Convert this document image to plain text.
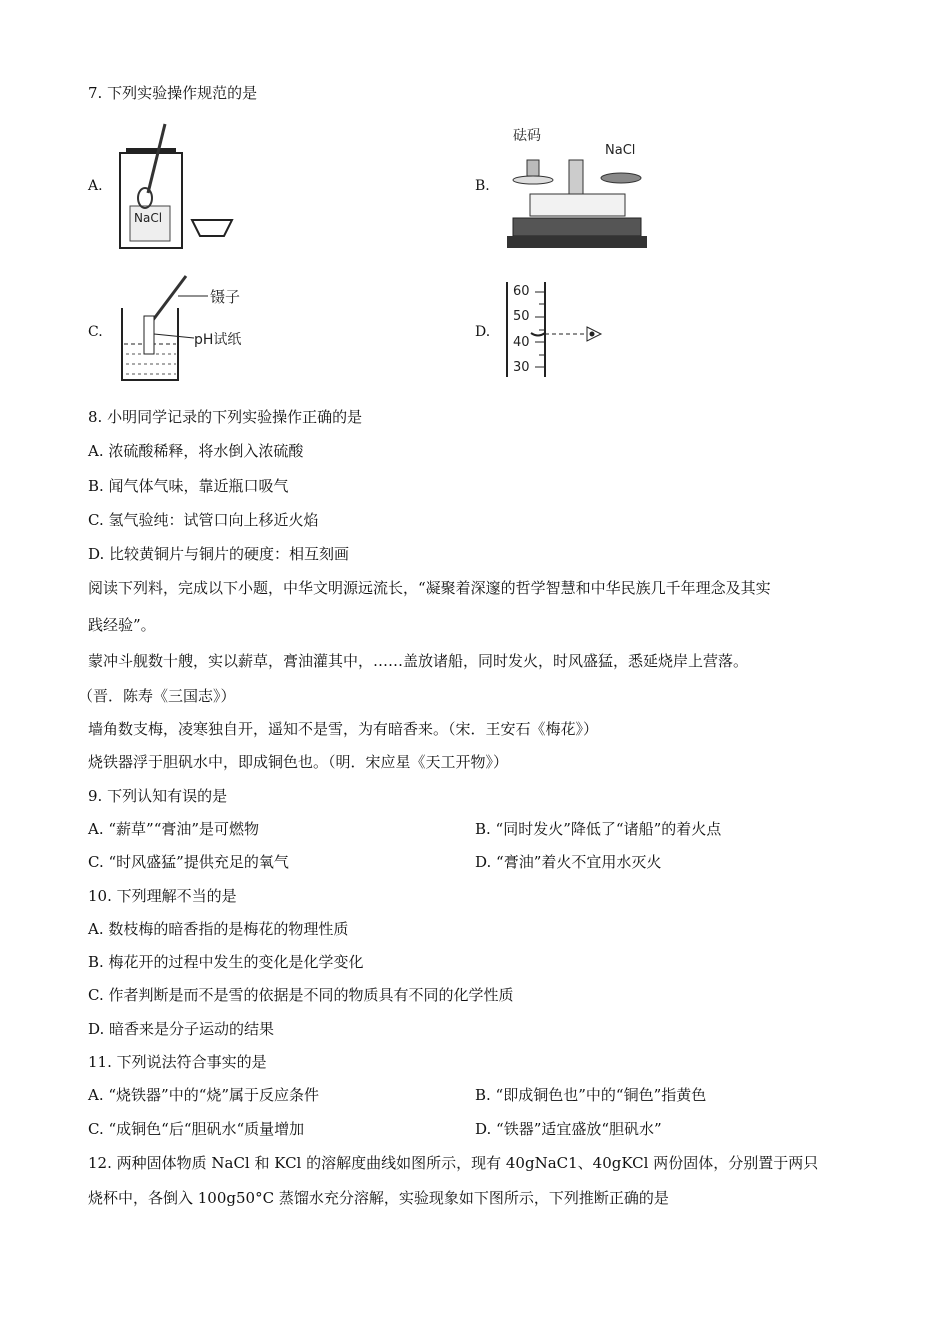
7. 下列实验操作规范的是
A.
NaCl
B.
砝码
NaCl
C.
镊子
pH试纸	D.
60
50
40
30
8. 小明同学记录的下列实验操作正确的是
A. 浓硫酸稀释，将水倒入浓硫酸
B. 闻气体气味，靠近瓶口吸气
C. 氢气验纯：试管口向上移近火焰
D. 比较黄铜片与铜片的硬度：相互刻画
阅读下列料，完成以下小题，中华文明源远流长，“凝聚着深邃的哲学智慧和中华民族几千年理念及其实
践经验”。
蒙冲斗舰数十艘，实以薪草，膏油灌其中，……盖放诸船，同时发火，时风盛猛，悉延烧岸上营落。
（晋．陈寿《三国志》）
墙角数支梅，凌寒独自开，遥知不是雪，为有暗香来。（宋．王安石《梅花》）
烧铁器浮于胆矾水中，即成铜色也。（明．宋应星《天工开物》）
9. 下列认知有误的是
A. “薪草”“膏油”是可燃物	B. “同时发火”降低了“诸船”的着火点
C. “时风盛猛”提供充足的氧气	D. “膏油”着火不宜用水灭火
10. 下列理解不当的是
A. 数枝梅的暗香指的是梅花的物理性质
B. 梅花开的过程中发生的变化是化学变化
C. 作者判断是而不是雪的依据是不同的物质具有不同的化学性质
D. 暗香来是分子运动的结果
11. 下列说法符合事实的是
A. “烧铁器”中的“烧”属于反应条件	B. “即成铜色也”中的“铜色”指黄色
C. “成铜色“后“胆矾水“质量增加	D. “铁器”适宜盛放“胆矾水”
12. 两种固体物质 NaCl 和 KCl 的溶解度曲线如图所示，现有 40gNaC1、40gKCl 两份固体，分别置于两只
烧杯中，各倒入 100g50°C 蒸馏水充分溶解，实验现象如下图所示，下列推断正确的是
